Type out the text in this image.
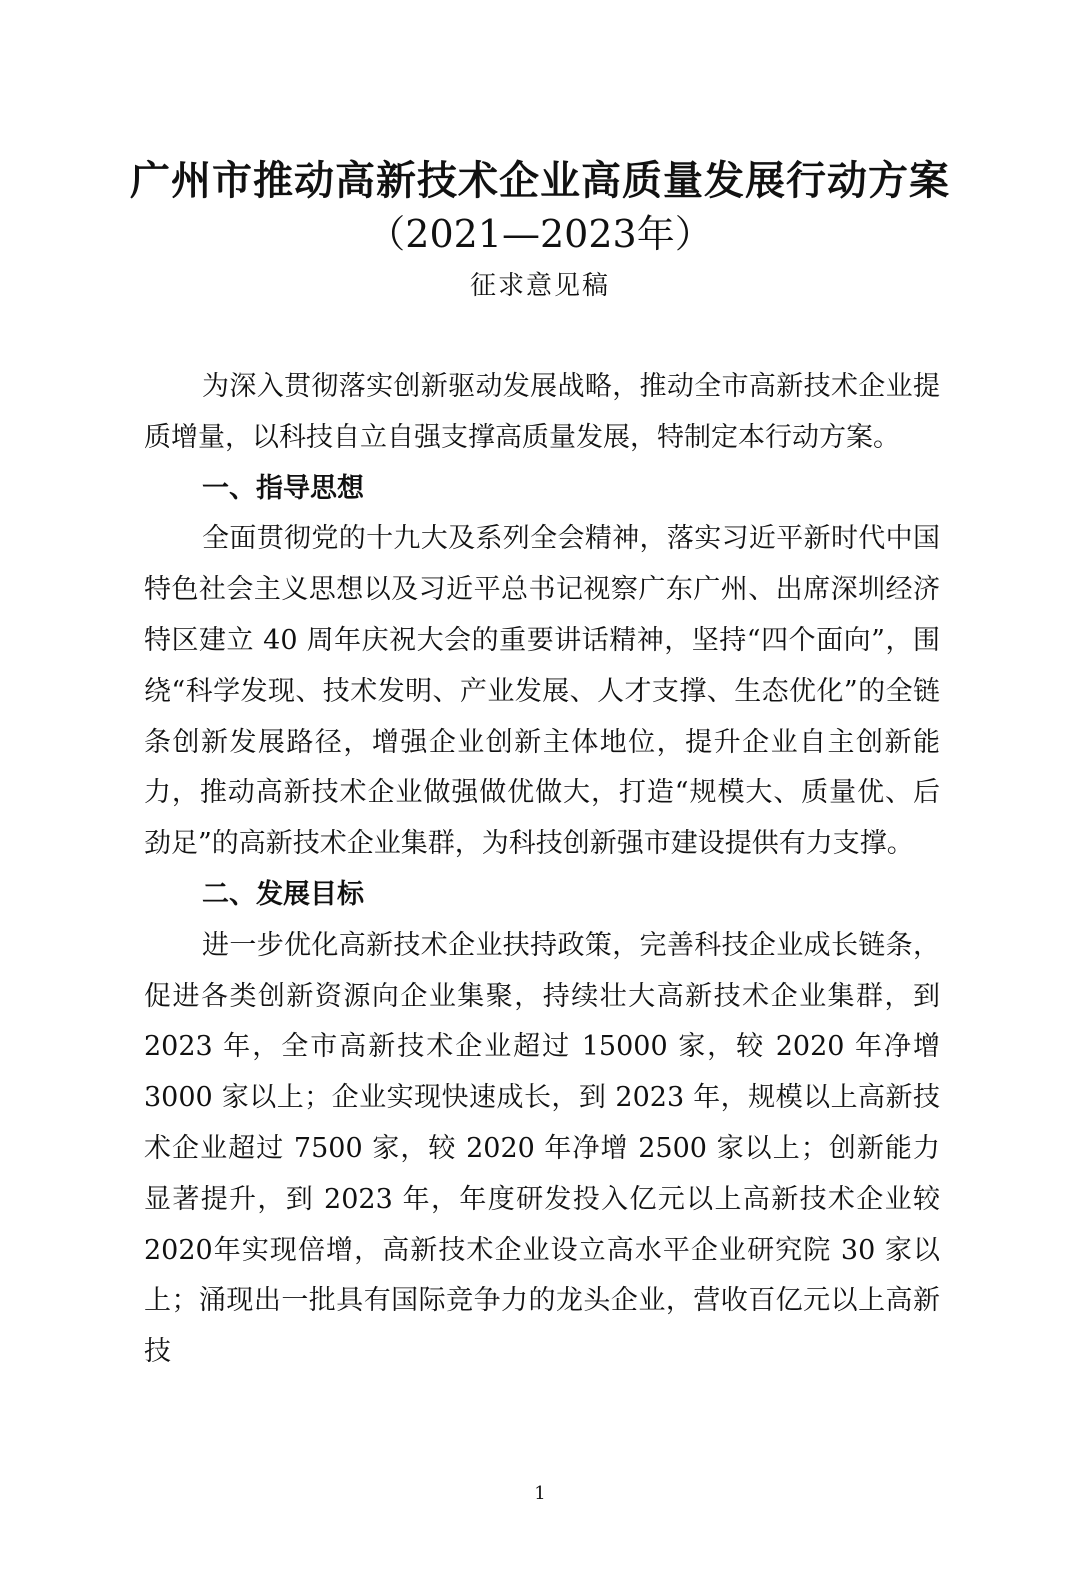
广州市推动高新技术企业高质量发展行动方案
（2021—2023年）
征求意见稿

为深入贯彻落实创新驱动发展战略，推动全市高新技术企业提质增量，以科技自立自强支撑高质量发展，特制定本行动方案。

一、指导思想

全面贯彻党的十九大及系列全会精神，落实习近平新时代中国特色社会主义思想以及习近平总书记视察广东广州、出席深圳经济特区建立 40 周年庆祝大会的重要讲话精神，坚持“四个面向”，围绕“科学发现、技术发明、产业发展、人才支撑、生态优化”的全链条创新发展路径，增强企业创新主体地位，提升企业自主创新能力，推动高新技术企业做强做优做大，打造“规模大、质量优、后劲足”的高新技术企业集群，为科技创新强市建设提供有力支撑。

二、发展目标

进一步优化高新技术企业扶持政策，完善科技企业成长链条，促进各类创新资源向企业集聚，持续壮大高新技术企业集群，到 2023 年，全市高新技术企业超过 15000 家，较 2020 年净增3000 家以上；企业实现快速成长，到 2023 年，规模以上高新技术企业超过 7500 家，较 2020 年净增 2500 家以上；创新能力显著提升，到 2023 年，年度研发投入亿元以上高新技术企业较 2020年实现倍增，高新技术企业设立高水平企业研究院 30 家以上；涌现出一批具有国际竞争力的龙头企业，营收百亿元以上高新技

1
